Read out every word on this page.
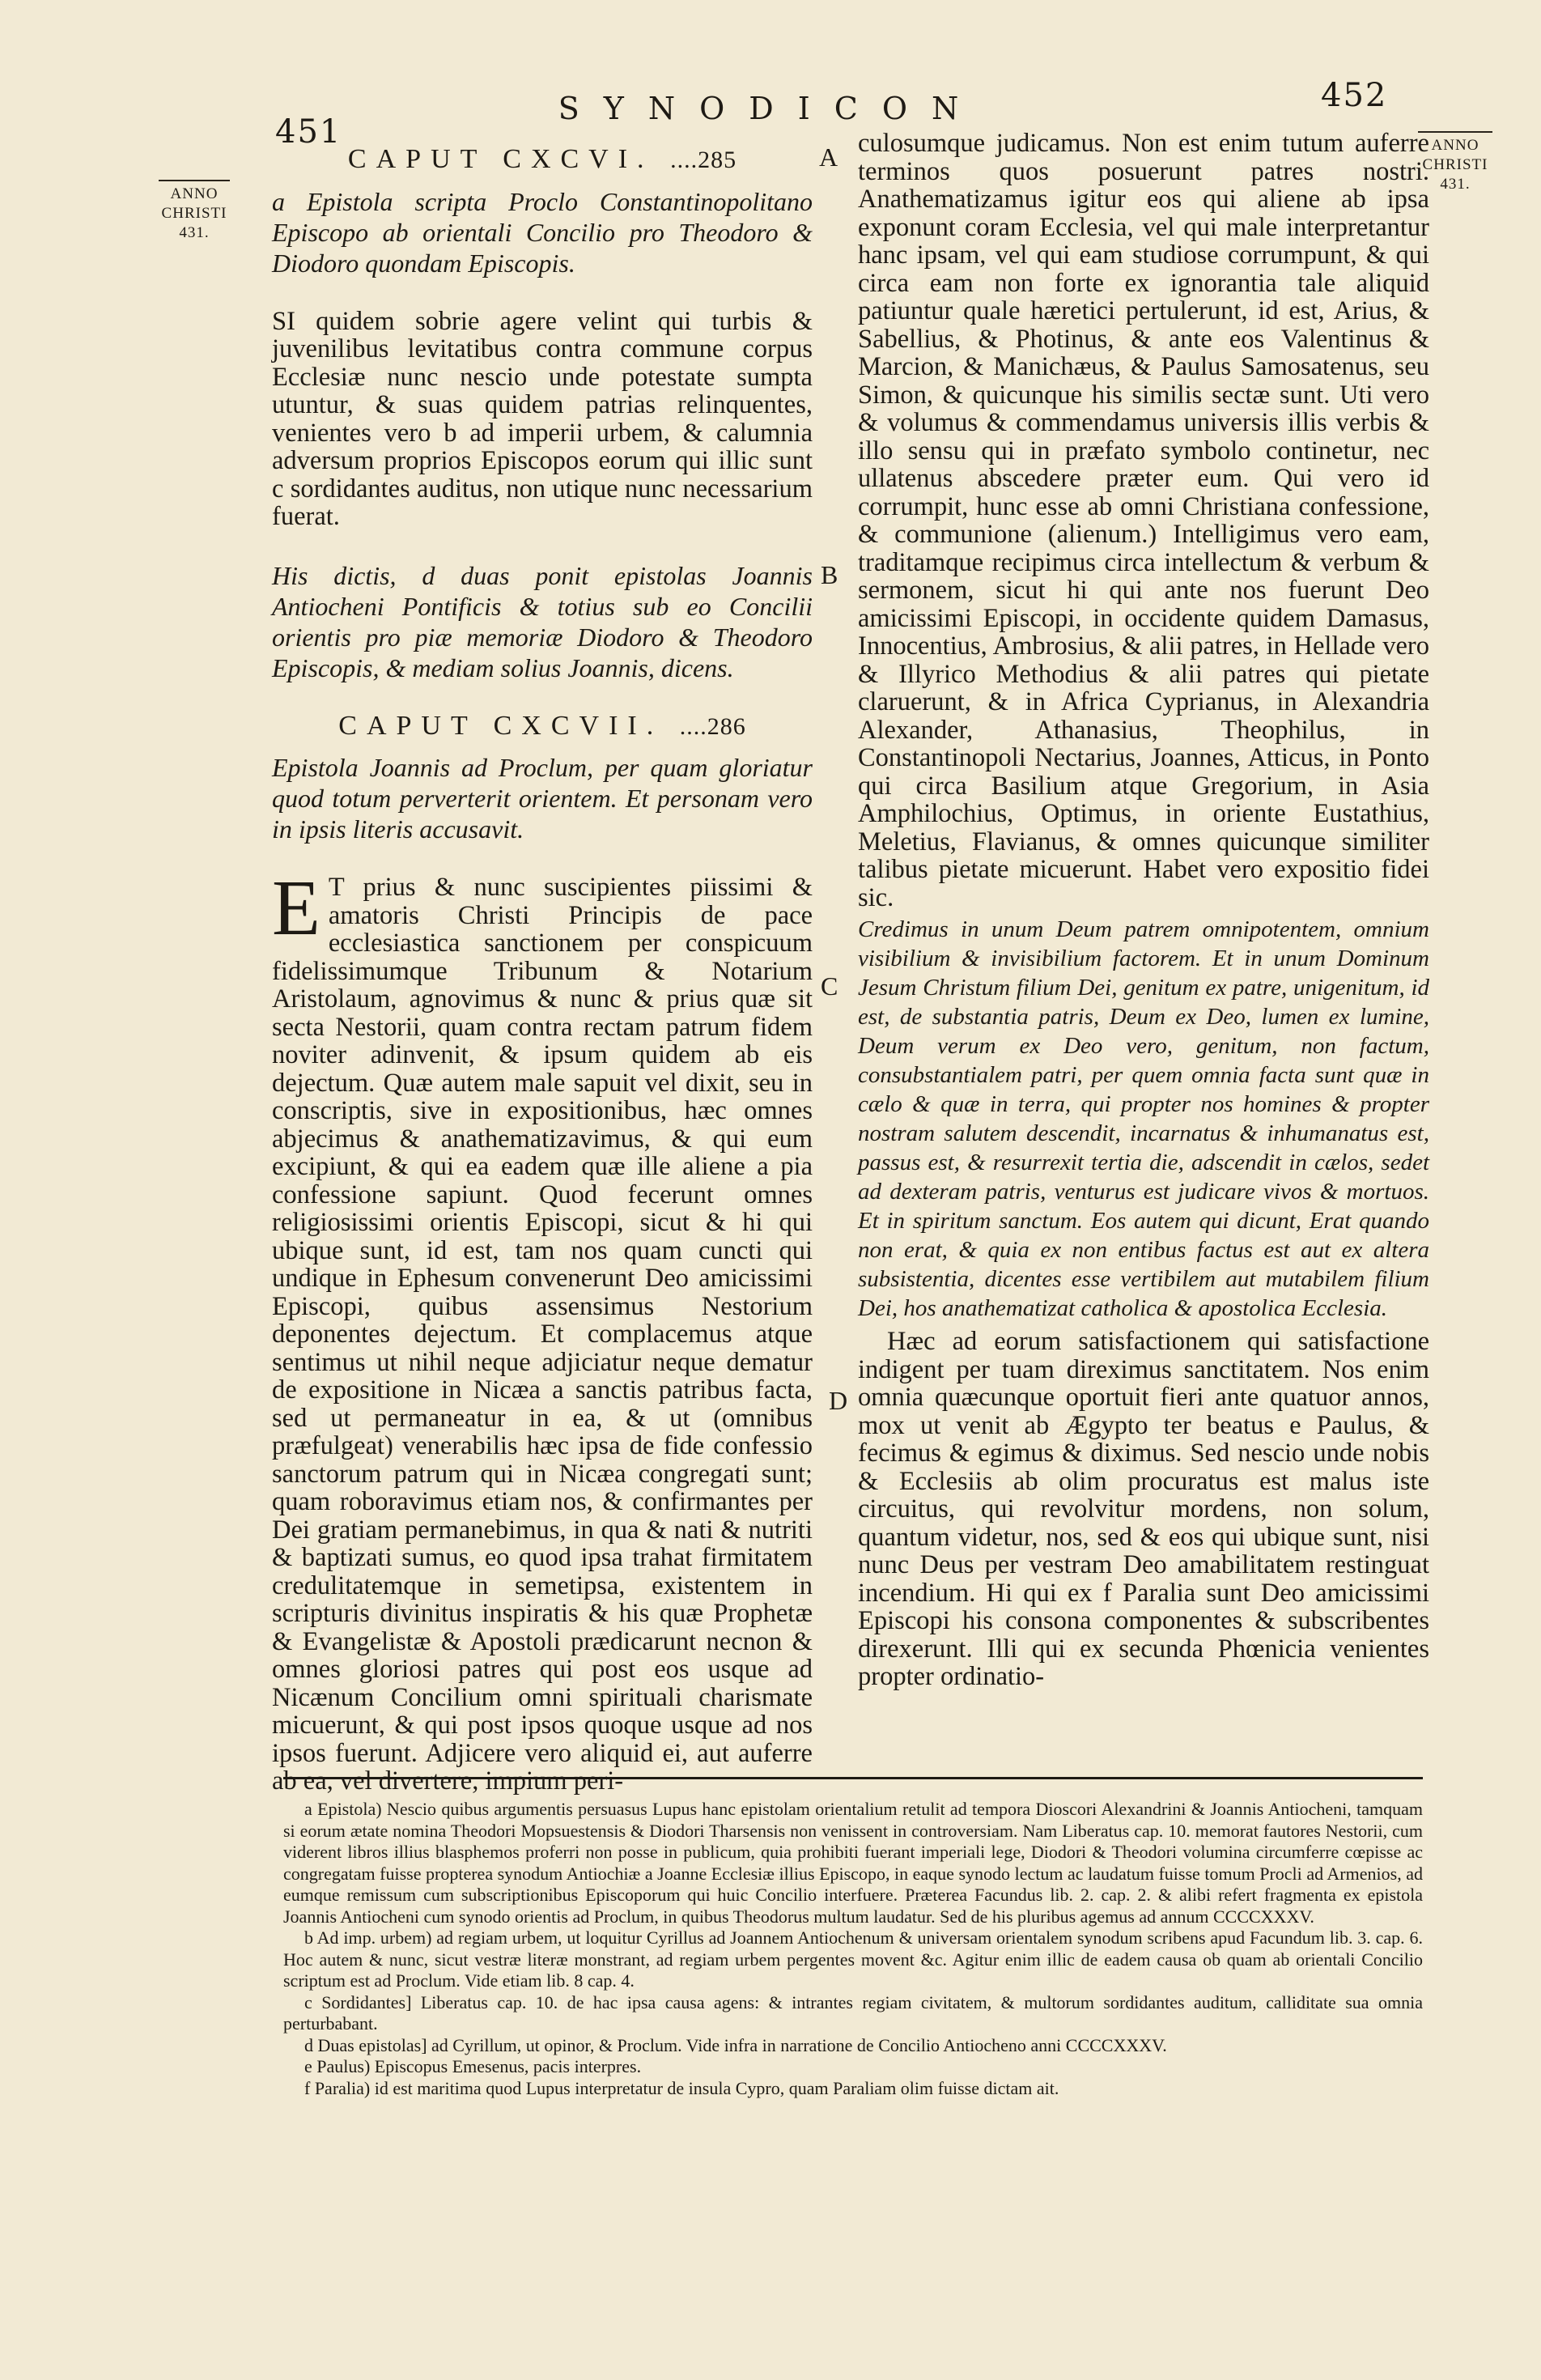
451
SYNODICON	452
ANNO
CHRISTI
431.
ANNO
CHRISTI
431.
A
B
C
D
CAPUT CXCVI. ....285

a Epistola scripta Proclo Constantinopolitano Episcopo ab orientali Concilio pro Theodoro & Diodoro quondam Episcopis.

SI quidem sobrie agere velint qui turbis & juvenilibus levitatibus contra commune corpus Ecclesiæ nunc nescio unde potestate sumpta utuntur, & suas quidem patrias relinquentes, venientes vero b ad imperii urbem, & calumnia adversum proprios Episcopos eorum qui illic sunt c sordidantes auditus, non utique nunc necessarium fuerat.

His dictis, d duas ponit epistolas Joannis Antiocheni Pontificis & totius sub eo Concilii orientis pro piæ memoriæ Diodoro & Theodoro Episcopis, & mediam solius Joannis, dicens.

CAPUT CXCVII. ....286

Epistola Joannis ad Proclum, per quam gloriatur quod totum perverterit orientem. Et personam vero in ipsis literis accusavit.

E T prius & nunc suscipientes piissimi & amatoris Christi Principis de pace ecclesiastica sanctionem per conspicuum fidelissimumque Tribunum & Notarium Aristolaum, agnovimus & nunc & prius quæ sit secta Nestorii, quam contra rectam patrum fidem noviter adinvenit, & ipsum quidem ab eis dejectum. Quæ autem male sapuit vel dixit, seu in conscriptis, sive in expositionibus, hæc omnes abjecimus & anathematizavimus, & qui eum excipiunt, & qui ea eadem quæ ille aliene a pia confessione sapiunt. Quod fecerunt omnes religiosissimi orientis Episcopi, sicut & hi qui ubique sunt, id est, tam nos quam cuncti qui undique in Ephesum convenerunt Deo amicissimi Episcopi, quibus assensimus Nestorium deponentes dejectum. Et complacemus atque sentimus ut nihil neque adjiciatur neque dematur de expositione in Nicæa a sanctis patribus facta, sed ut permaneatur in ea, & ut (omnibus præfulgeat) venerabilis hæc ipsa de fide confessio sanctorum patrum qui in Nicæa congregati sunt; quam roboravimus etiam nos, & confirmantes per Dei gratiam permanebimus, in qua & nati & nutriti & baptizati sumus, eo quod ipsa trahat firmitatem credulitatemque in semetipsa, existentem in scripturis divinitus inspiratis & his quæ Prophetæ & Evangelistæ & Apostoli prædicarunt necnon & omnes gloriosi patres qui post eos usque ad Nicænum Concilium omni spirituali charismate micuerunt, & qui post ipsos quoque usque ad nos ipsos fuerunt. Adjicere vero aliquid ei, aut auferre ab ea, vel divertere, impium peri-

culosumque judicamus. Non est enim tutum auferre terminos quos posuerunt patres nostri. Anathematizamus igitur eos qui aliene ab ipsa exponunt coram Ecclesia, vel qui male interpretantur hanc ipsam, vel qui eam studiose corrumpunt, & qui circa eam non forte ex ignorantia tale aliquid patiuntur quale hæretici pertulerunt, id est, Arius, & Sabellius, & Photinus, & ante eos Valentinus & Marcion, & Manichæus, & Paulus Samosatenus, seu Simon, & quicunque his similis sectæ sunt. Uti vero & volumus & commendamus universis illis verbis & illo sensu qui in præfato symbolo continetur, nec ullatenus abscedere præter eum. Qui vero id corrumpit, hunc esse ab omni Christiana confessione, & communione (alienum.) Intelligimus vero eam, traditamque recipimus circa intellectum & verbum & sermonem, sicut hi qui ante nos fuerunt Deo amicissimi Episcopi, in occidente quidem Damasus, Innocentius, Ambrosius, & alii patres, in Hellade vero & Illyrico Methodius & alii patres qui pietate claruerunt, & in Africa Cyprianus, in Alexandria Alexander, Athanasius, Theophilus, in Constantinopoli Nectarius, Joannes, Atticus, in Ponto qui circa Basilium atque Gregorium, in Asia Amphilochius, Optimus, in oriente Eustathius, Meletius, Flavianus, & omnes quicunque similiter talibus pietate micuerunt. Habet vero expositio fidei sic.

Credimus in unum Deum patrem omnipotentem, omnium visibilium & invisibilium factorem. Et in unum Dominum Jesum Christum filium Dei, genitum ex patre, unigenitum, id est, de substantia patris, Deum ex Deo, lumen ex lumine, Deum verum ex Deo vero, genitum, non factum, consubstantialem patri, per quem omnia facta sunt quæ in cælo & quæ in terra, qui propter nos homines & propter nostram salutem descendit, incarnatus & inhumanatus est, passus est, & resurrexit tertia die, adscendit in cælos, sedet ad dexteram patris, venturus est judicare vivos & mortuos. Et in spiritum sanctum. Eos autem qui dicunt, Erat quando non erat, & quia ex non entibus factus est aut ex altera subsistentia, dicentes esse vertibilem aut mutabilem filium Dei, hos anathematizat catholica & apostolica Ecclesia.

Hæc ad eorum satisfactionem qui satisfactione indigent per tuam direximus sanctitatem. Nos enim omnia quæcunque oportuit fieri ante quatuor annos, mox ut venit ab Ægypto ter beatus e Paulus, & fecimus & egimus & diximus. Sed nescio unde nobis & Ecclesiis ab olim procuratus est malus iste circuitus, qui revolvitur mordens, non solum, quantum videtur, nos, sed & eos qui ubique sunt, nisi nunc Deus per vestram Deo amabilitatem restinguat incendium. Hi qui ex f Paralia sunt Deo amicissimi Episcopi his consona componentes & subscribentes direxerunt. Illi qui ex secunda Phœnicia venientes propter ordinatio-

a Epistola) Nescio quibus argumentis persuasus Lupus hanc epistolam orientalium retulit ad tempora Dioscori Alexandrini & Joannis Antiocheni, tamquam si eorum ætate nomina Theodori Mopsuestensis & Diodori Tharsensis non venissent in controversiam. Nam Liberatus cap. 10. memorat fautores Nestorii, cum viderent libros illius blasphemos proferri non posse in publicum, quia prohibiti fuerant imperiali lege, Diodori & Theodori volumina circumferre cœpisse ac congregatam fuisse propterea synodum Antiochiæ a Joanne Ecclesiæ illius Episcopo, in eaque synodo lectum ac laudatum fuisse tomum Procli ad Armenios, ad eumque remissum cum subscriptionibus Episcoporum qui huic Concilio interfuere. Præterea Facundus lib. 2. cap. 2. & alibi refert fragmenta ex epistola Joannis Antiocheni cum synodo orientis ad Proclum, in quibus Theodorus multum laudatur. Sed de his pluribus agemus ad annum CCCCXXXV.

b Ad imp. urbem) ad regiam urbem, ut loquitur Cyrillus ad Joannem Antiochenum & universam orientalem synodum scribens apud Facundum lib. 3. cap. 6. Hoc autem & nunc, sicut vestræ literæ monstrant, ad regiam urbem pergentes movent &c. Agitur enim illic de eadem causa ob quam ab orientali Concilio scriptum est ad Proclum. Vide etiam lib. 8 cap. 4.

c Sordidantes] Liberatus cap. 10. de hac ipsa causa agens: & intrantes regiam civitatem, & multorum sordidantes auditum, calliditate sua omnia perturbabant.

d Duas epistolas] ad Cyrillum, ut opinor, & Proclum. Vide infra in narratione de Concilio Antiocheno anni CCCCXXXV.

e Paulus) Episcopus Emesenus, pacis interpres.

f Paralia) id est maritima quod Lupus interpretatur de insula Cypro, quam Paraliam olim fuisse dictam ait.
